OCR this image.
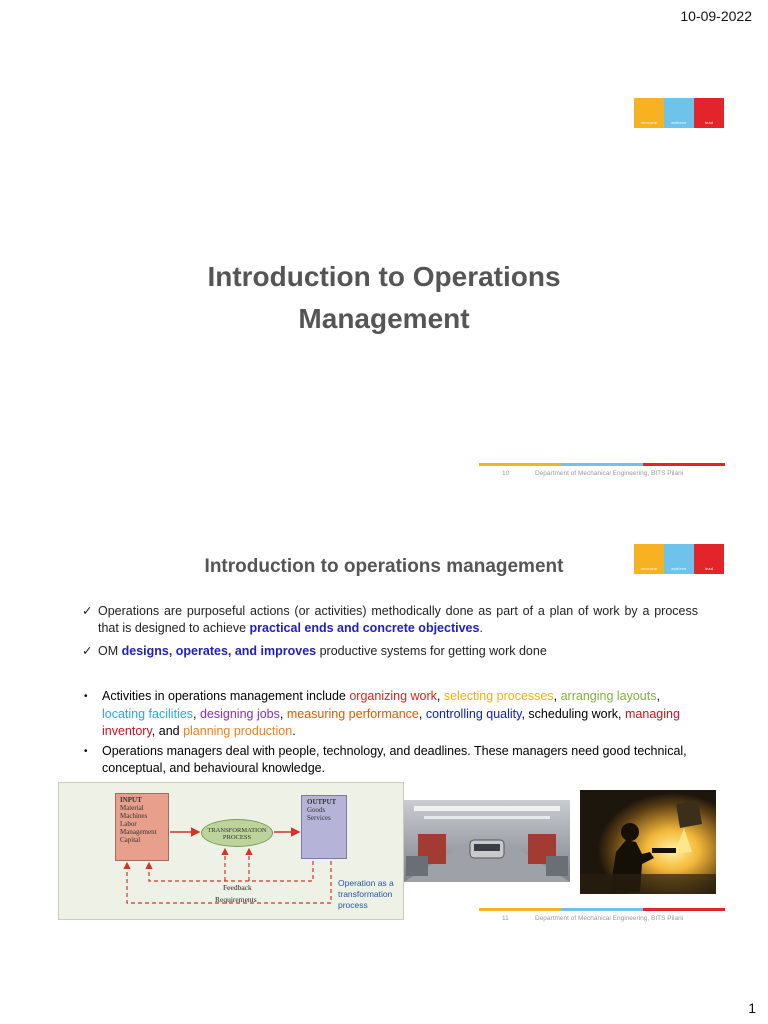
10-09-2022
innovate	achieve	lead
Introduction to Operations
Management
10	Department of Mechanical Engineering, BITS Pilani
innovate	achieve	lead
Introduction to operations management
✓ Operations are purposeful actions (or activities) methodically done as part of a plan of work by a process that is designed to achieve practical ends and concrete objectives.
✓ OM designs, operates, and improves productive systems for getting work done
•	Activities in operations management include organizing work, selecting processes, arranging layouts, locating facilities, designing jobs, measuring performance, controlling quality, scheduling work, managing inventory, and planning production.
•	Operations managers deal with people, technology, and deadlines. These managers need good technical, conceptual, and behavioural knowledge.
INPUT
Material
Machines
Labor
Management
Capital
TRANSFORMATION
PROCESS
OUTPUT
Goods
Services
Feedback
Requirements
Operation as a transformation process
11	Department of Mechanical Engineering, BITS Pilani
1
